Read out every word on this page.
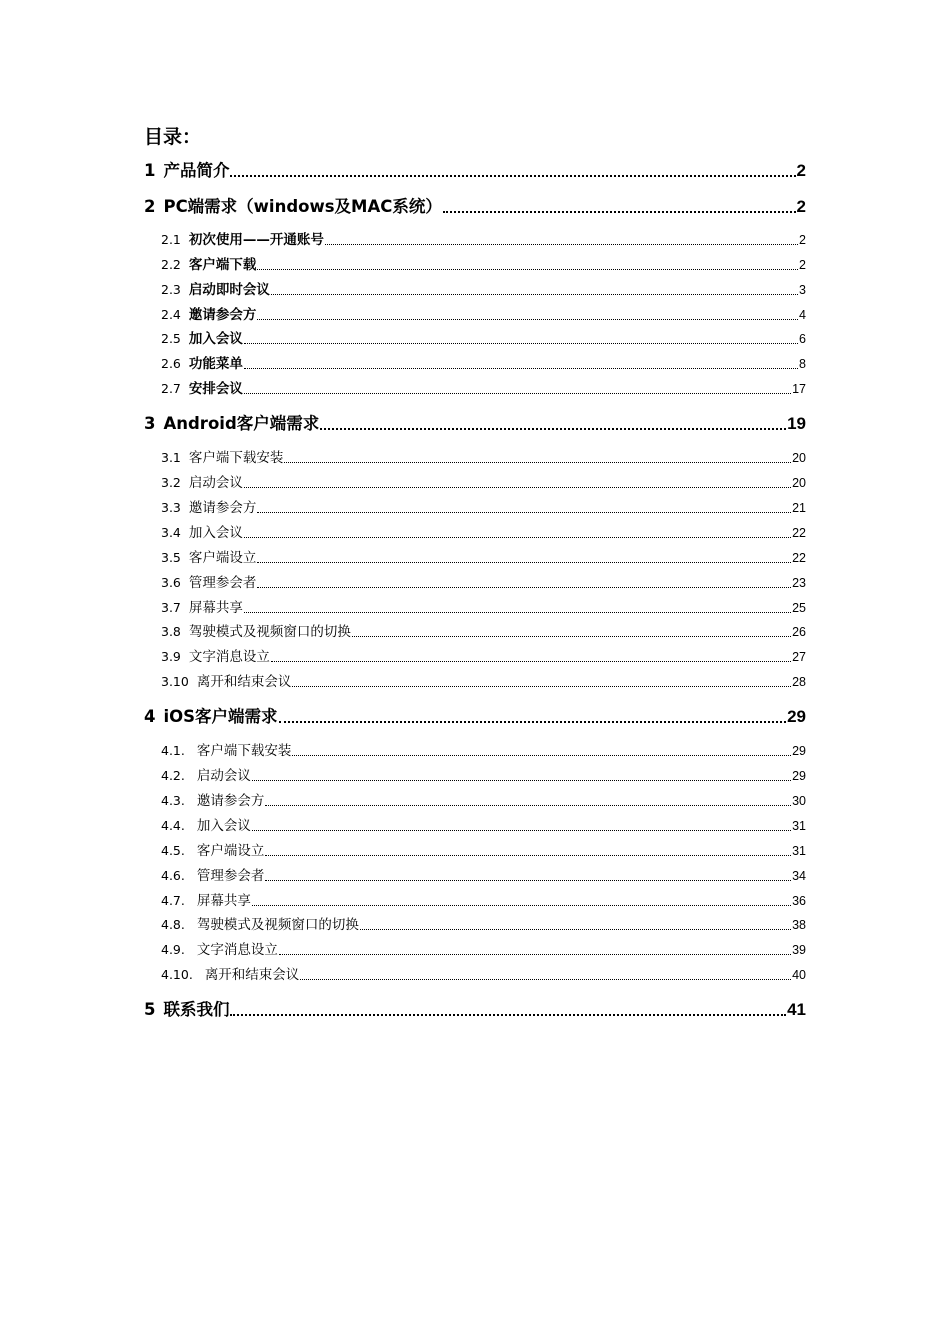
目录：
1 产品简介	2
2 PC端需求（windows及MAC系统）	2
2.1 初次使用——开通账号	2
2.2 客户端下载	2
2.3 启动即时会议	3
2.4 邀请参会方	4
2.5 加入会议	6
2.6 功能菜单	8
2.7 安排会议	17
3 Android客户端需求	19
3.1 客户端下载安装	20
3.2 启动会议	20
3.3 邀请参会方	21
3.4 加入会议	22
3.5 客户端设立	22
3.6 管理参会者	23
3.7 屏幕共享	25
3.8 驾驶模式及视频窗口的切换	26
3.9 文字消息设立	27
3.10 离开和结束会议	28
4 iOS客户端需求	29
4.1. 客户端下载安装	29
4.2. 启动会议	29
4.3. 邀请参会方	30
4.4. 加入会议	31
4.5. 客户端设立	31
4.6. 管理参会者	34
4.7. 屏幕共享	36
4.8. 驾驶模式及视频窗口的切换	38
4.9. 文字消息设立	39
4.10. 离开和结束会议	40
5 联系我们	41
